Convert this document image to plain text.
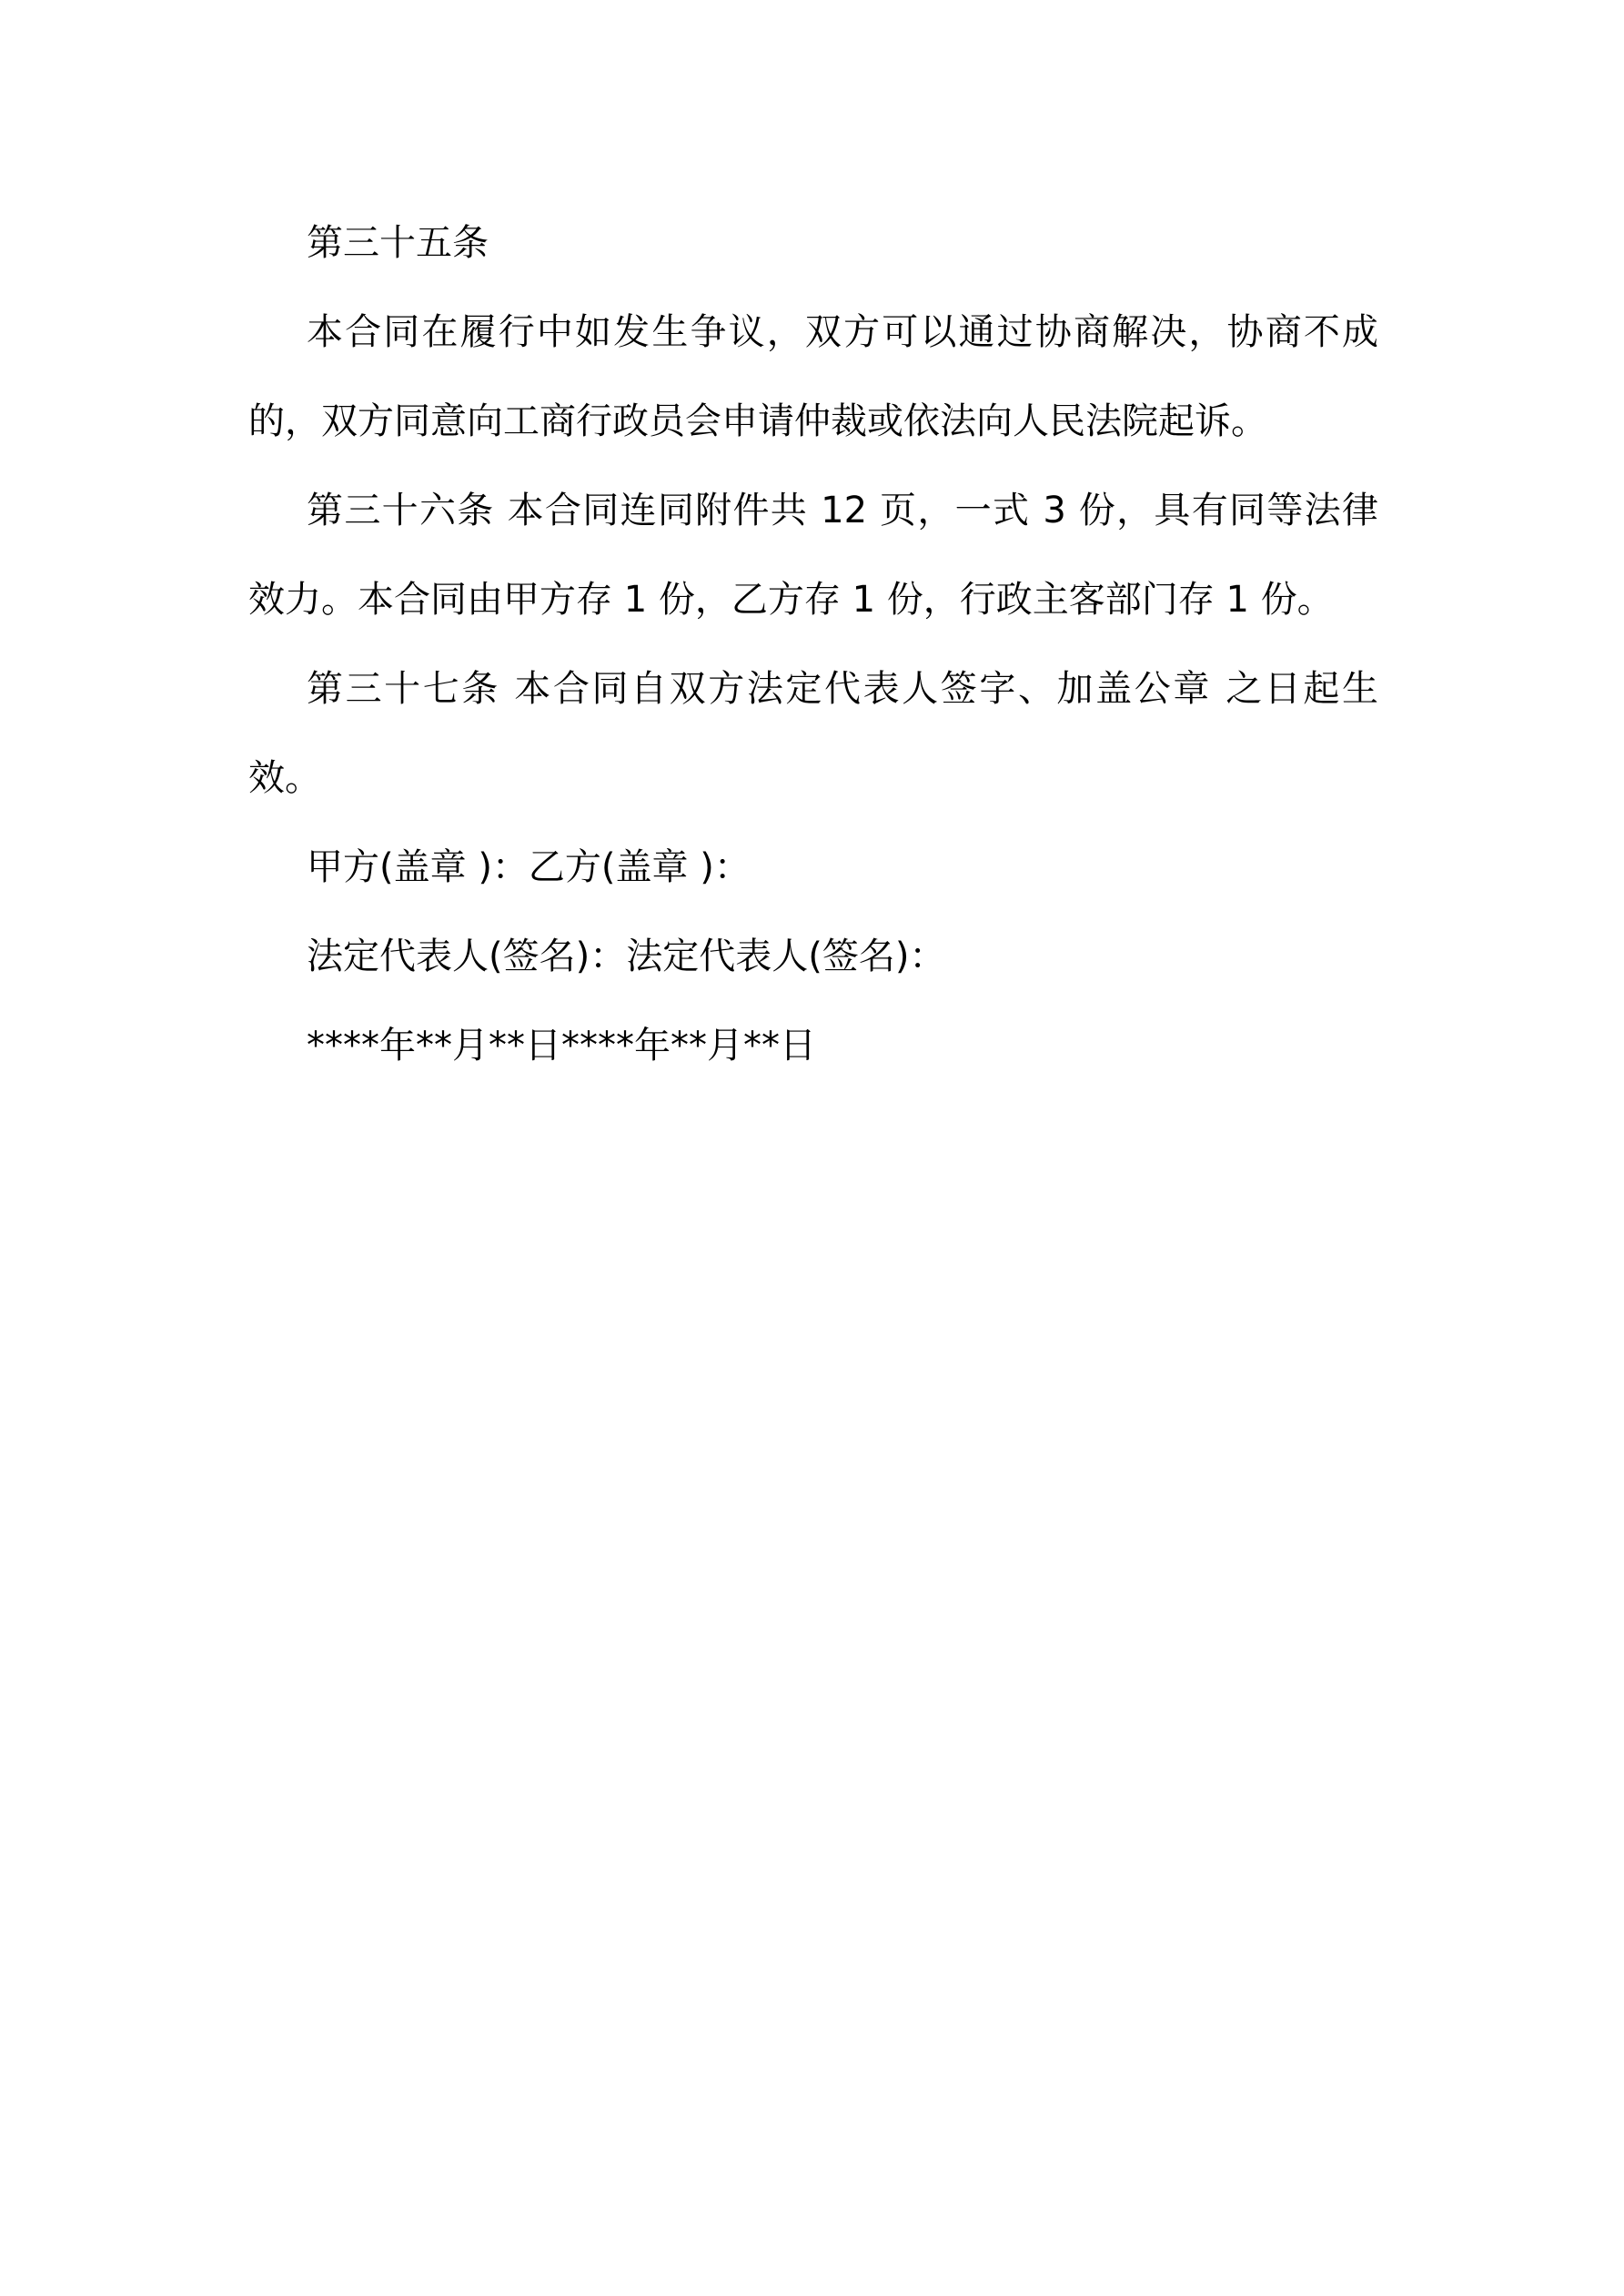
第三十五条

本合同在履行中如发生争议，双方可以通过协商解决，协商不成的，双方同意向工商行政员会申请仲裁或依法向人民法院起诉。

第三十六条 本合同连同附件共 12 页，一式 3 份，具有同等法律效力。本合同由甲方存 1 份，乙方存 1 份，行政主客部门存 1 份。

第三十七条 本合同自双方法定代表人签字、加盖公章 之日起生效。

甲方(盖章 )：乙方(盖章 )：

法定代表人(签名)：法定代表人(签名)：

****年**月**日****年**月**日
